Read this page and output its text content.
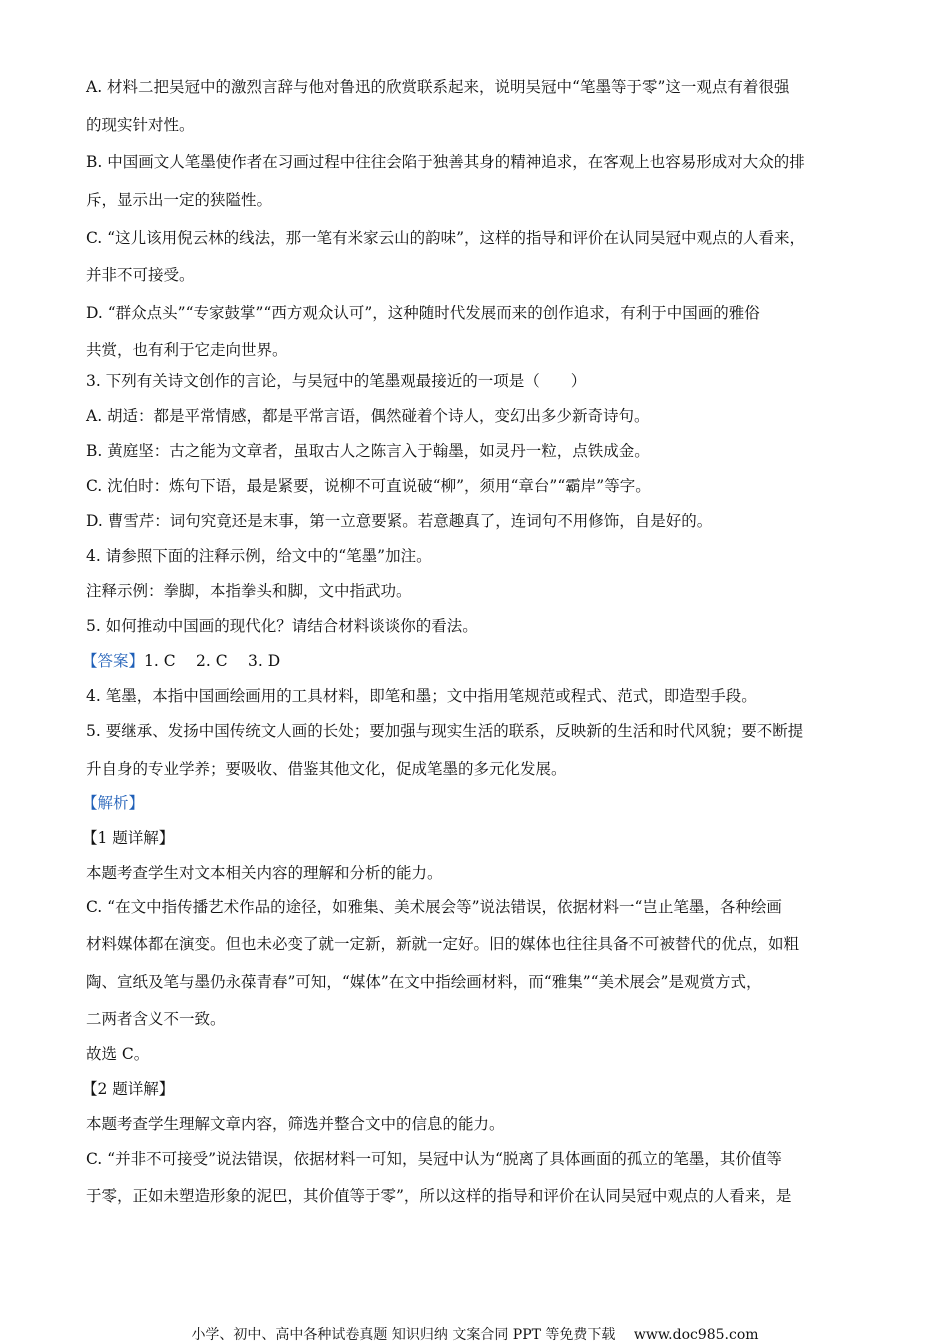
A. 材料二把吴冠中的激烈言辞与他对鲁迅的欣赏联系起来，说明吴冠中“笔墨等于零”这一观点有着很强

的现实针对性。

B. 中国画文人笔墨使作者在习画过程中往往会陷于独善其身的精神追求，在客观上也容易形成对大众的排

斥，显示出一定的狭隘性。

C. “这儿该用倪云林的线法，那一笔有米家云山的韵味”，这样的指导和评价在认同吴冠中观点的人看来，

并非不可接受。

D. “群众点头”“专家鼓掌”“西方观众认可”，这种随时代发展而来的创作追求，有利于中国画的雅俗

共赏，也有利于它走向世界。

3. 下列有关诗文创作的言论，与吴冠中的笔墨观最接近的一项是（　　）

A. 胡适：都是平常情感，都是平常言语，偶然碰着个诗人，变幻出多少新奇诗句。

B. 黄庭坚：古之能为文章者，虽取古人之陈言入于翰墨，如灵丹一粒，点铁成金。

C. 沈伯时：炼句下语，最是紧要，说柳不可直说破“柳”，须用“章台”“霸岸”等字。

D. 曹雪芹：词句究竟还是末事，第一立意要紧。若意趣真了，连词句不用修饰，自是好的。

4. 请参照下面的注释示例，给文中的“笔墨”加注。

注释示例：拳脚，本指拳头和脚，文中指武功。

5. 如何推动中国画的现代化？请结合材料谈谈你的看法。

【答案】1. C　 2. C　 3. D

4. 笔墨，本指中国画绘画用的工具材料，即笔和墨；文中指用笔规范或程式、范式，即造型手段。

5. 要继承、发扬中国传统文人画的长处；要加强与现实生活的联系，反映新的生活和时代风貌；要不断提

升自身的专业学养；要吸收、借鉴其他文化，促成笔墨的多元化发展。

【解析】

【1 题详解】

本题考查学生对文本相关内容的理解和分析的能力。

C. “在文中指传播艺术作品的途径，如雅集、美术展会等”说法错误，依据材料一“岂止笔墨，各种绘画

材料媒体都在演变。但也未必变了就一定新，新就一定好。旧的媒体也往往具备不可被替代的优点，如粗

陶、宣纸及笔与墨仍永葆青春”可知，“媒体”在文中指绘画材料，而“雅集”“美术展会”是观赏方式，

二两者含义不一致。

故选 C。

【2 题详解】

本题考查学生理解文章内容，筛选并整合文中的信息的能力。

C. “并非不可接受”说法错误，依据材料一可知，吴冠中认为“脱离了具体画面的孤立的笔墨，其价值等

于零，正如未塑造形象的泥巴，其价值等于零”，所以这样的指导和评价在认同吴冠中观点的人看来，是

小学、初中、高中各种试卷真题 知识归纳 文案合同 PPT 等免费下载　 www.doc985.com
